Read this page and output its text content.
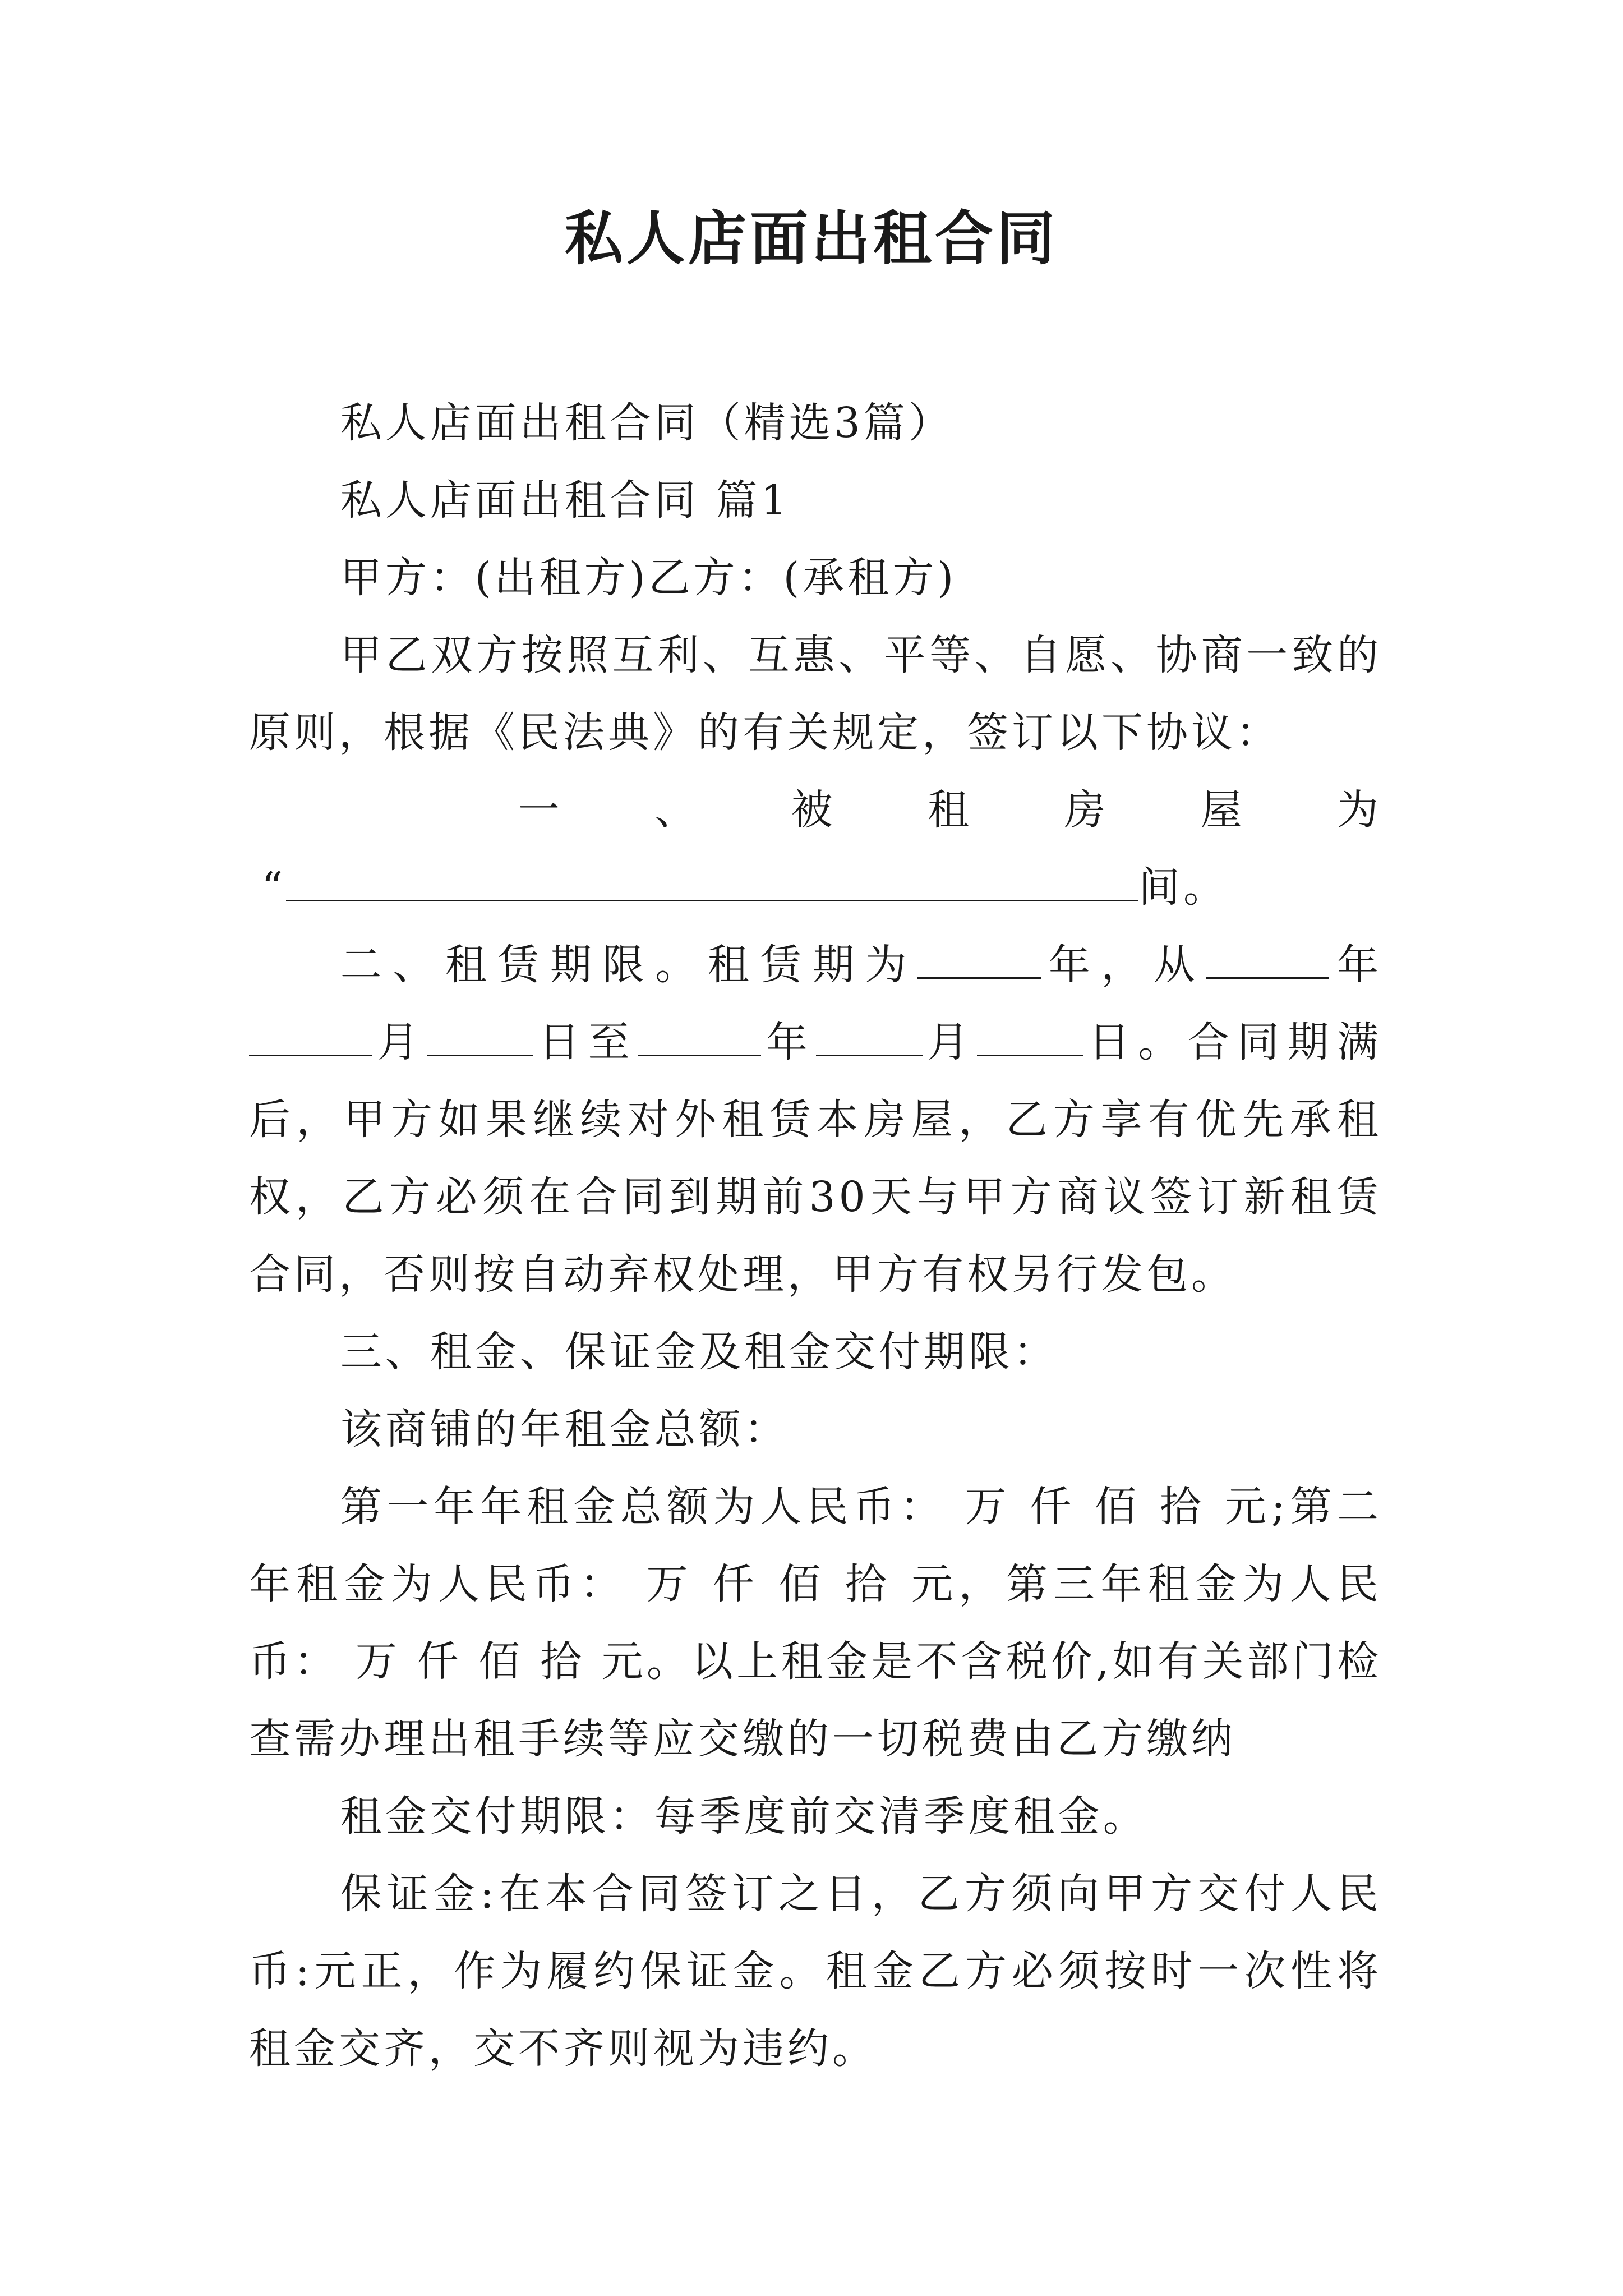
私人店面出租合同

私人店面出租合同（精选3篇）

私人店面出租合同 篇1

甲方：(出租方)乙方：(承租方)

甲乙双方按照互利、互惠、平等、自愿、协商一致的原则，根据《民法典》的有关规定，签订以下协议：

一 、 被 租 房 屋 为

“	间。

二、租赁期限。租赁期为	年，从	年月	日至	年	月	日。合同期满后，甲方如果继续对外租赁本房屋，乙方享有优先承租权，乙方必须在合同到期前30天与甲方商议签订新租赁合同，否则按自动弃权处理，甲方有权另行发包。

三、租金、保证金及租金交付期限：

该商铺的年租金总额：

第一年年租金总额为人民币： 万 仟 佰 拾 元;第二年租金为人民币： 万 仟 佰 拾 元，第三年租金为人民币： 万 仟 佰 拾 元。以上租金是不含税价,如有关部门检查需办理出租手续等应交缴的一切税费由乙方缴纳

租金交付期限：每季度前交清季度租金。

保证金:在本合同签订之日，乙方须向甲方交付人民币:元正，作为履约保证金。租金乙方必须按时一次性将租金交齐，交不齐则视为违约。
